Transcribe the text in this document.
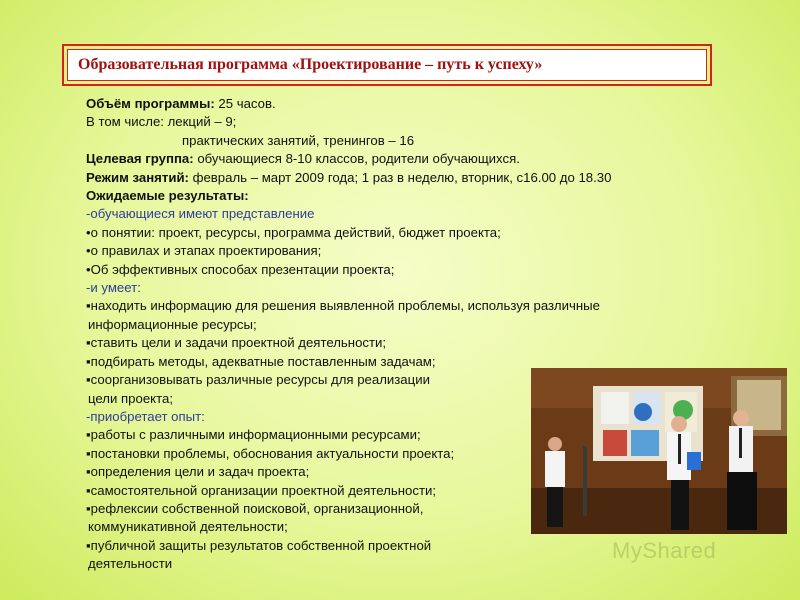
Образовательная программа «Проектирование – путь к успеху»
Объём программы: 25 часов.
В том числе: лекций – 9;
практических занятий, тренингов – 16
Целевая группа: обучающиеся 8-10 классов, родители обучающихся.
Режим занятий: февраль – март 2009 года; 1 раз в неделю, вторник, с16.00 до 18.30
Ожидаемые результаты:
-обучающиеся имеют представление
•о понятии: проект, ресурсы, программа действий, бюджет проекта;
•о правилах и этапах проектирования;
•Об эффективных способах презентации проекта;
-и умеет:
▪находить информацию для решения выявленной проблемы, используя различные
информационные ресурсы;
▪ставить цели и задачи проектной деятельности;
▪подбирать методы, адекватные поставленным задачам;
▪соорганизовывать различные ресурсы для реализации
цели проекта;
-приобретает опыт:
▪работы с различными информационными ресурсами;
▪постановки проблемы, обоснования актуальности проекта;
▪определения цели и задач проекта;
▪самостоятельной организации проектной деятельности;
▪рефлексии собственной поисковой, организационной,
коммуникативной деятельности;
▪публичной защиты результатов собственной проектной
деятельности
MyShared
